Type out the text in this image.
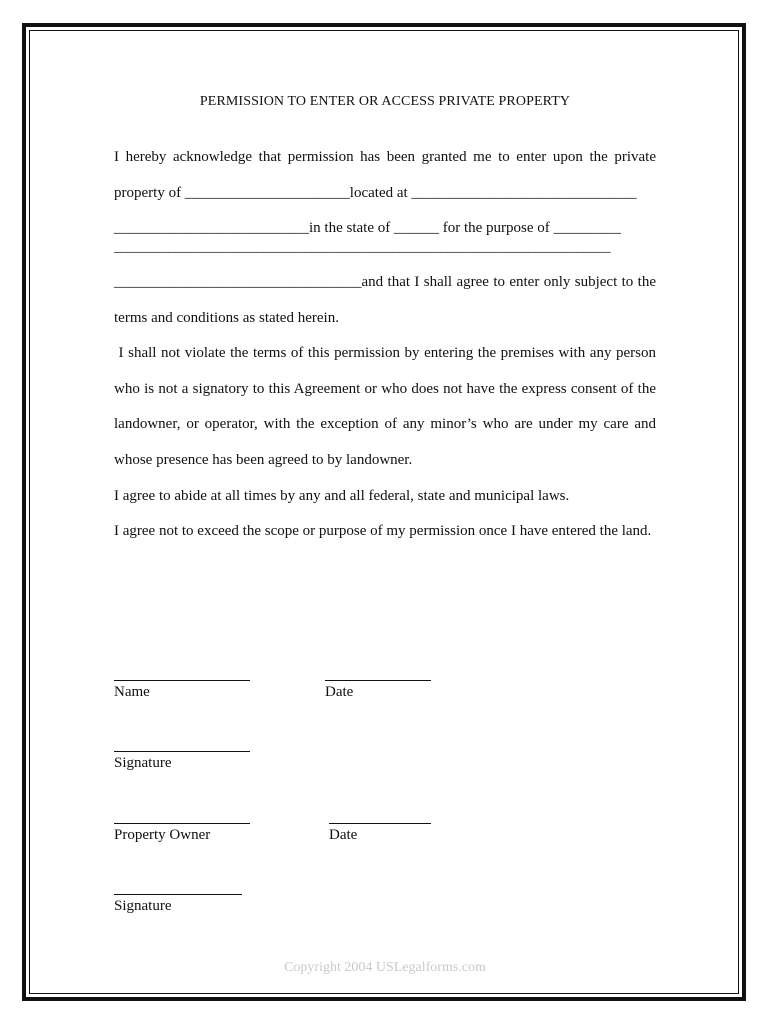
PERMISSION TO ENTER OR ACCESS PRIVATE PROPERTY
I hereby acknowledge that permission has been granted me to enter upon the private
property of ______________________located at ______________________________
__________________________in the state of ______ for the purpose of _________
_________________________________________________________________________
_________________________________and that I shall agree to enter only subject to the
terms and conditions as stated herein.
I shall not violate the terms of this permission by entering the premises with any person
who is not a signatory to this Agreement or who does not have the express consent of the
landowner, or operator, with the exception of any minor’s who are under my care and
whose presence has been agreed to by landowner.
I agree to abide at all times by any and all federal, state and municipal laws.
I agree not to exceed the scope or purpose of my permission once I have entered the land.
Name	Date
Signature
Property Owner	Date
Signature
Copyright 2004 USLegalforms.com
